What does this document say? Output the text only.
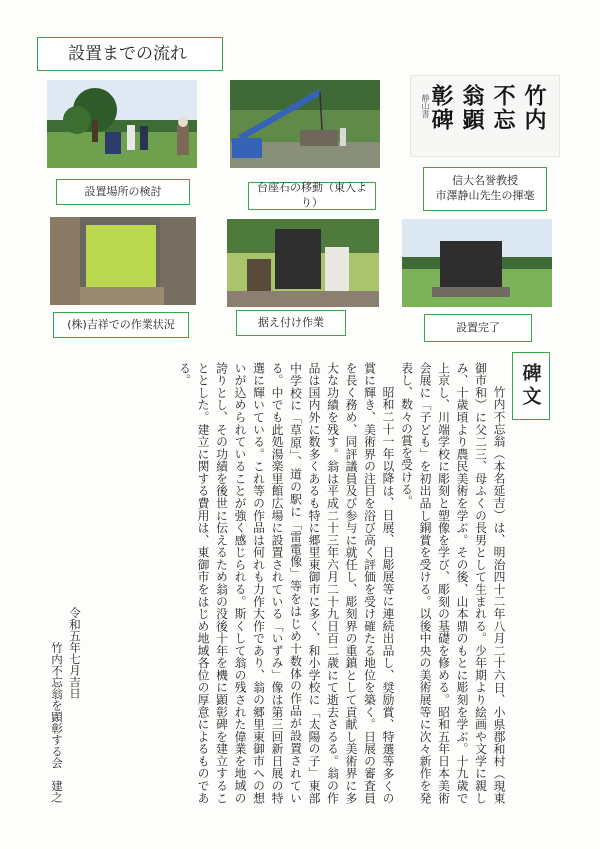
設置までの流れ
設置場所の検討	台座石の移動（東入より）
竹内不忘翁顕彰碑
静山書
信大名誉教授
市澤静山先生の揮毫
(株)吉祥での作業状況	据え付け作業	設置完了
碑文

竹内不忘翁（本名延吉）は、明治四十二年八月二十六日、小県郡和村（現東御市和）に父二三、母ふくの長男として生まれる。少年期より絵画や文学に親しみ、十歳頃より農民美術を学ぶ。その後、山本鼎のもとに彫刻を学ぶ。十九歳で上京し、川端学校に彫刻と塑像を学び、彫刻の基礎を修める。昭和五年日本美術会展に「子ども」を初出品し銅賞を受ける。以後中央の美術展等に次々新作を発表し、数々の賞を受ける。

昭和二十一年以降は、日展、日彫展等に連続出品し、奨励賞、特選等多くの賞に輝き、美術界の注目を浴び高く評価を受け確たる地位を築く。日展の審査員を長く務め、同評議員及び参与に就任し、彫刻界の重鎮として貢献し美術界に多大な功績を残す。翁は平成二十三年六月二十九日百二歳にて逝去さるる。翁の作品は国内外に数多くあるも特に郷里東御市に多く、和小学校に「太陽の子」東部中学校に「草原」、道の駅に「雷電像」等をはじめ十数体の作品が設置されている。中でも此処湯楽里館広場に設置されている「いずみ」像は第三回新日展の特選に輝いている。これ等の作品は何れも力作大作であり、翁の郷里東御市への想いが込められていることが強く感じられる。斯くして翁の残された偉業を地域の誇りとし、その功績を後世に伝えるため翁の没後十年を機に顕彰碑を建立することとした。建立に関する費用は、東御市をはじめ地域各位の厚意によるものである。

令和五年七月吉日
竹内不忘翁を顕彰する会　建之
